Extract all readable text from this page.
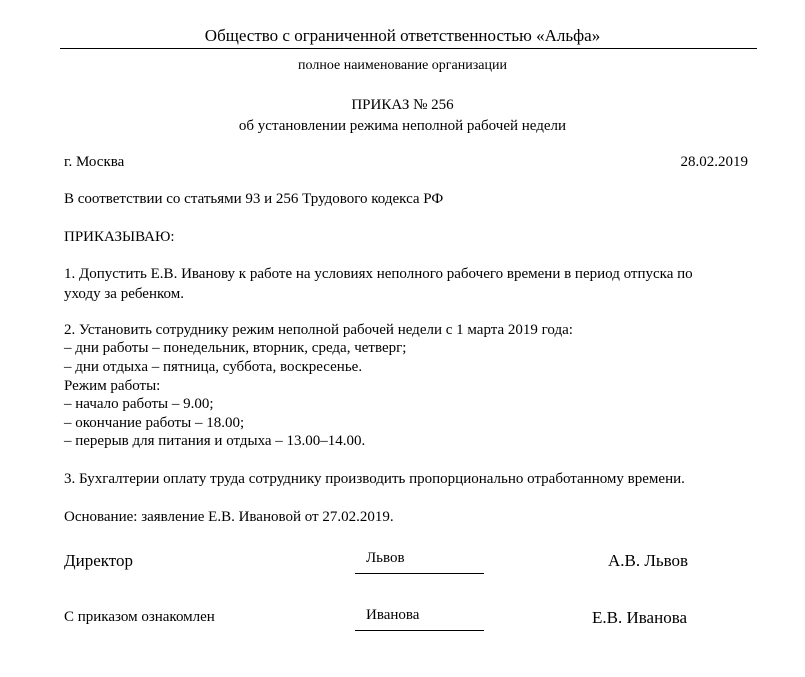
Общество с ограниченной ответственностью «Альфа»
полное наименование организации
ПРИКАЗ № 256
об установлении режима неполной рабочей недели
г. Москва	28.02.2019
В соответствии со статьями 93 и 256 Трудового кодекса РФ
ПРИКАЗЫВАЮ:
1. Допустить Е.В. Иванову к работе на условиях неполного рабочего времени в период отпуска по
уходу за ребенком.
2. Установить сотруднику режим неполной рабочей недели с 1 марта 2019 года:
– дни работы – понедельник, вторник, среда, четверг;
– дни отдыха – пятница, суббота, воскресенье.
Режим работы:
– начало работы – 9.00;
– окончание работы – 18.00;
– перерыв для питания и отдыха – 13.00–14.00.
3. Бухгалтерии оплату труда сотруднику производить пропорционально отработанному времени.
Основание: заявление Е.В. Ивановой от 27.02.2019.
Директор	Львов	А.В. Львов
С приказом ознакомлен	Иванова	Е.В. Иванова
